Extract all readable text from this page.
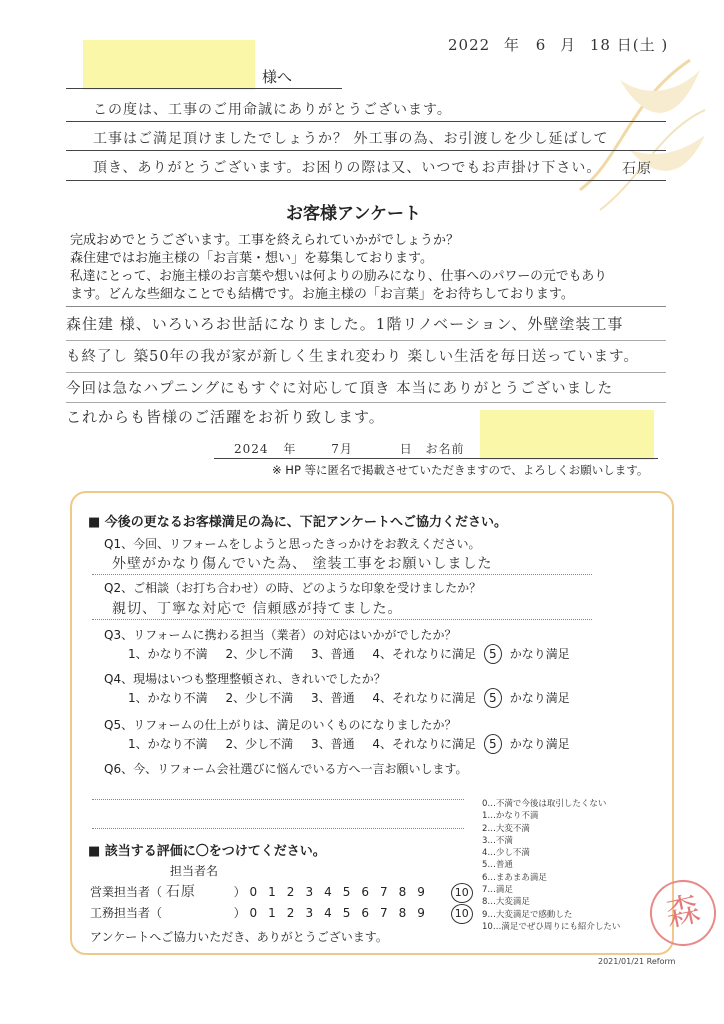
2022 年 6 月 18 日(土 )
様へ
この度は、工事のご用命誠にありがとうございます。
工事はご満足頂けましたでしょうか？ 外工事の為、お引渡しを少し延ばして
頂き、ありがとうございます。お困りの際は又、いつでもお声掛け下さい。 石原
お客様アンケート
完成おめでとうございます。工事を終えられていかがでしょうか？
森住建ではお施主様の「お言葉・想い」を募集しております。
私達にとって、お施主様のお言葉や想いは何よりの励みになり、仕事へのパワーの元でもあり
ます。どんな些細なことでも結構です。お施主様の「お言葉」をお待ちしております。
森住建 様、いろいろお世話になりました。1階リノベーション、外壁塗装工事
も終了し 築50年の我が家が新しく生まれ変わり 楽しい生活を毎日送っています。
今回は急なハプニングにもすぐに対応して頂き 本当にありがとうございました
これからも皆様のご活躍をお祈り致します。
2024 年	7月	日 お名前
※ HP 等に匿名で掲載させていただきますので、よろしくお願いします。
■ 今後の更なるお客様満足の為に、下記アンケートへご協力ください。
Q1、今回、リフォームをしようと思ったきっかけをお教えください。
外壁がかなり傷んでいた為、 塗装工事をお願いしました
Q2、ご相談（お打ち合わせ）の時、どのような印象を受けましたか？
親切、丁寧な対応で 信頼感が持てました。
Q3、リフォームに携わる担当（業者）の対応はいかがでしたか？
1、かなり不満 2、少し不満 3、普通 4、それなりに満足 5 かなり満足
Q4、現場はいつも整理整頓され、きれいでしたか？
1、かなり不満 2、少し不満 3、普通 4、それなりに満足 5 かなり満足
Q5、リフォームの仕上がりは、満足のいくものになりましたか？
1、かなり不満 2、少し不満 3、普通 4、それなりに満足 5 かなり満足
Q6、今、リフォーム会社選びに悩んでいる方へ一言お願いします。
0…不満で今後は取引したくない
1…かなり不満
2…大変不満
3…不満
4…少し不満
5…普通
6…まあまあ満足
7…満足
8…大変満足
9…大変満足で感動した
10…満足でぜひ周りにも紹介したい
■ 該当する評価に〇をつけてください。
担当者名
営業担当者（ 石原	） 0123456789 10
工務担当者（	） 0123456789 10
アンケートへご協力いただき、ありがとうございます。
森
2021/01/21 Reform
